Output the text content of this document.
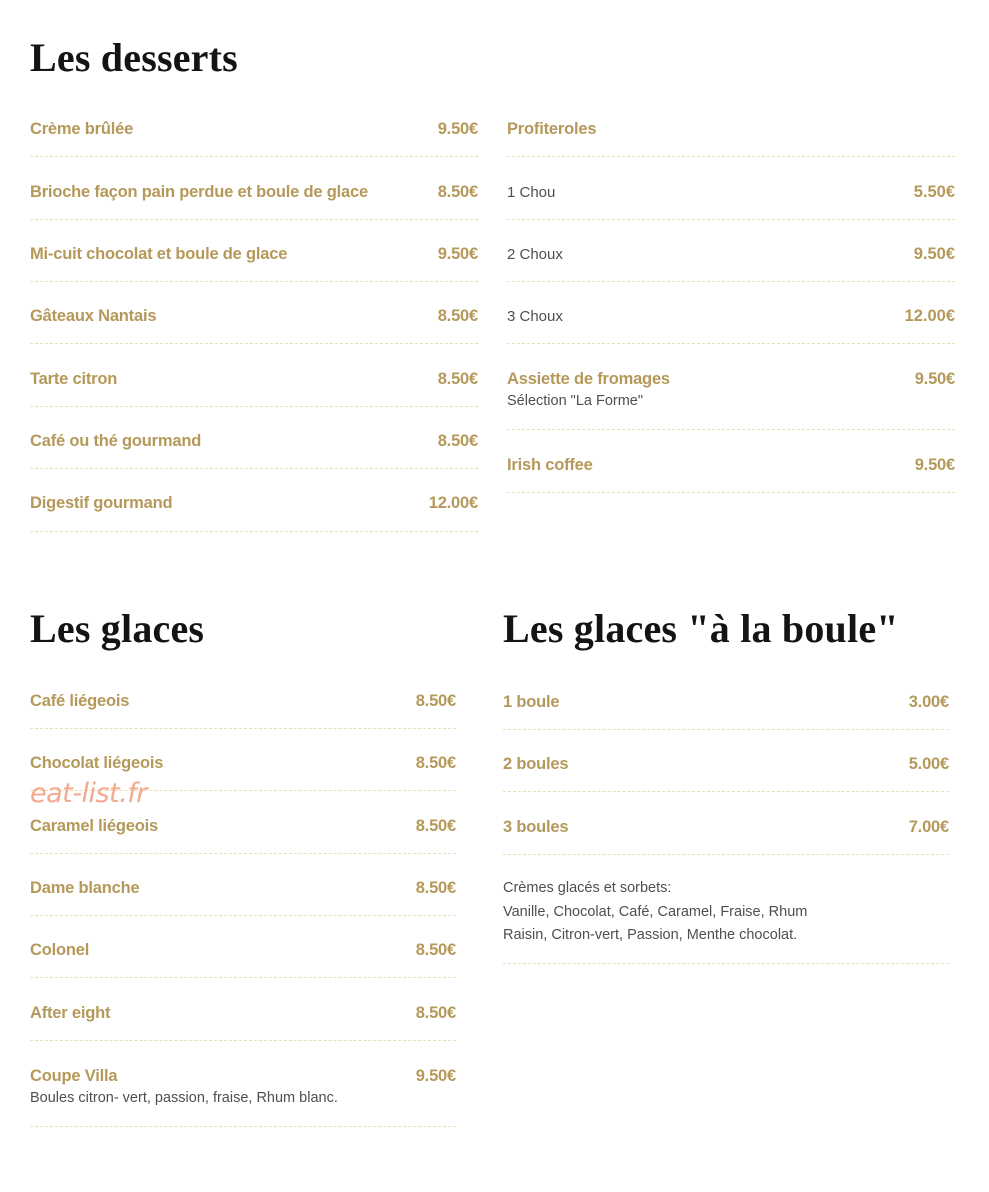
Les desserts
Crème brûlée	9.50€
Brioche façon pain perdue et boule de glace	8.50€
Mi-cuit chocolat et boule de glace	9.50€
Gâteaux Nantais	8.50€
Tarte citron	8.50€
Café ou thé gourmand	8.50€
Digestif gourmand	12.00€
Profiteroles
1 Chou	5.50€
2 Choux	9.50€
3 Choux	12.00€
Assiette de fromages	9.50€
Sélection "La Forme"
Irish coffee	9.50€
Les glaces
Café liégeois	8.50€
Chocolat liégeois	8.50€
Caramel liégeois	8.50€
Dame blanche	8.50€
Colonel	8.50€
After eight	8.50€
Coupe Villa	9.50€
Boules citron- vert, passion, fraise, Rhum blanc.
Les glaces "à la boule"
1 boule	3.00€
2 boules	5.00€
3 boules	7.00€
Crèmes glacés et sorbets:
Vanille, Chocolat, Café, Caramel, Fraise, Rhum
Raisin, Citron-vert, Passion, Menthe chocolat.
eat-list.fr
